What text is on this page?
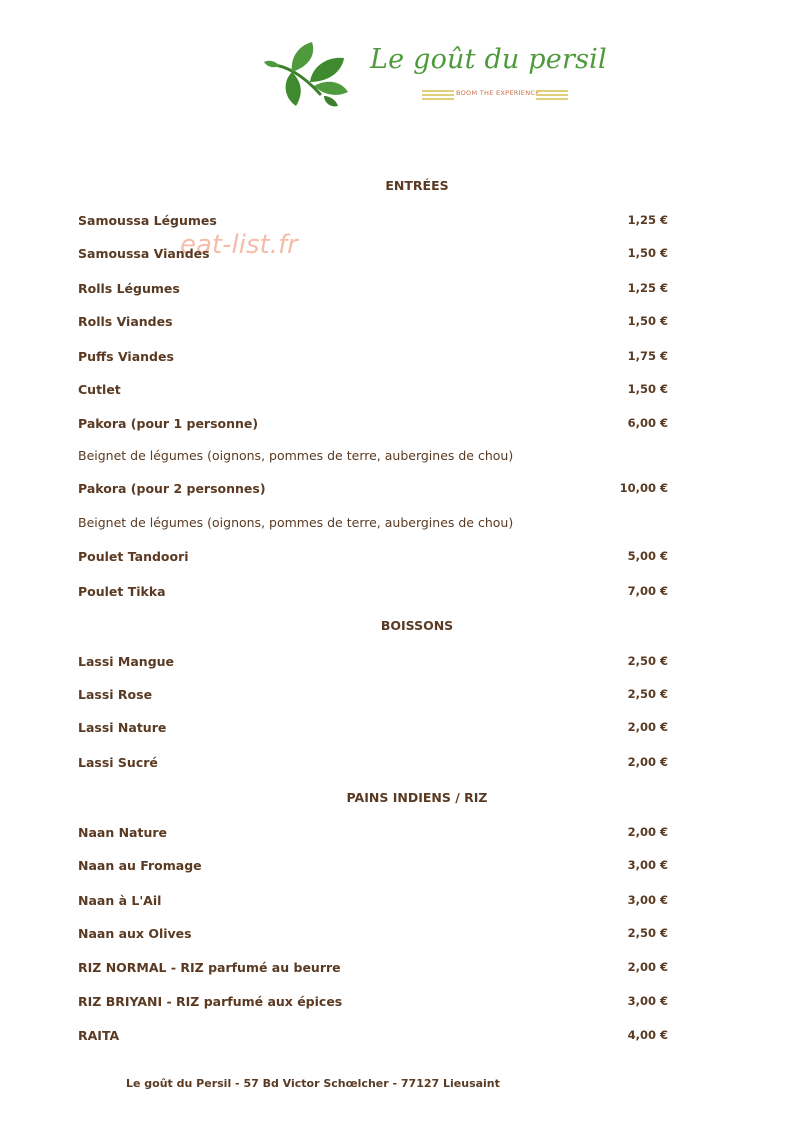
Le goût du persil
BOOM THE EXPERIENCE
eat-list.fr
ENTRÉES
Samoussa Légumes	1,25 €
Samoussa Viandes	1,50 €
Rolls Légumes	1,25 €
Rolls Viandes	1,50 €
Puffs Viandes	1,75 €
Cutlet	1,50 €
Pakora (pour 1 personne)	6,00 €
Beignet de légumes (oignons, pommes de terre, aubergines de chou)
Pakora (pour 2 personnes)	10,00 €
Beignet de légumes (oignons, pommes de terre, aubergines de chou)
Poulet Tandoori	5,00 €
Poulet Tikka	7,00 €
BOISSONS
Lassi Mangue	2,50 €
Lassi Rose	2,50 €
Lassi Nature	2,00 €
Lassi Sucré	2,00 €
PAINS INDIENS / RIZ
Naan Nature	2,00 €
Naan au Fromage	3,00 €
Naan à L'Ail	3,00 €
Naan aux Olives	2,50 €
RIZ NORMAL - RIZ parfumé au beurre	2,00 €
RIZ BRIYANI - RIZ parfumé aux épices	3,00 €
RAITA	4,00 €
Le goût du Persil - 57 Bd Victor Schœlcher - 77127 Lieusaint
